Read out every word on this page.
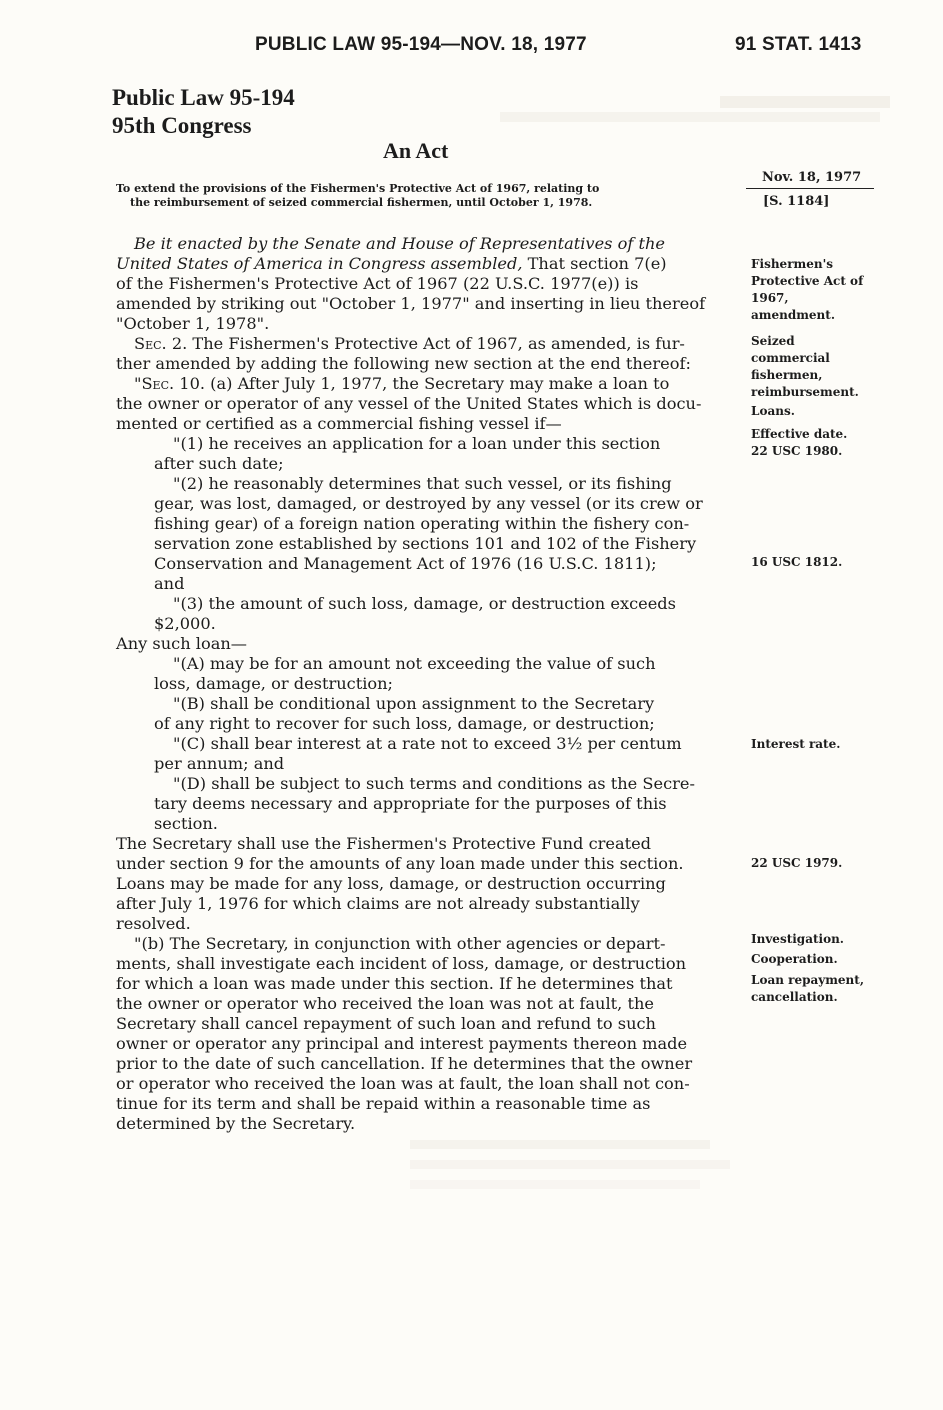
PUBLIC LAW 95-194—NOV. 18, 1977	91 STAT. 1413
Public Law 95-194
95th Congress
An Act
To extend the provisions of the Fishermen's Protective Act of 1967, relating to
the reimbursement of seized commercial fishermen, until October 1, 1978.
Nov. 18, 1977
[S. 1184]
Be it enacted by the Senate and House of Representatives of the
United States of America in Congress assembled, That section 7(e)
of the Fishermen's Protective Act of 1967 (22 U.S.C. 1977(e)) is
amended by striking out "October 1, 1977" and inserting in lieu thereof
"October 1, 1978".
Sec. 2. The Fishermen's Protective Act of 1967, as amended, is fur-
ther amended by adding the following new section at the end thereof:
"Sec. 10. (a) After July 1, 1977, the Secretary may make a loan to
the owner or operator of any vessel of the United States which is docu-
mented or certified as a commercial fishing vessel if—
"(1) he receives an application for a loan under this section
after such date;
"(2) he reasonably determines that such vessel, or its fishing
gear, was lost, damaged, or destroyed by any vessel (or its crew or
fishing gear) of a foreign nation operating within the fishery con-
servation zone established by sections 101 and 102 of the Fishery
Conservation and Management Act of 1976 (16 U.S.C. 1811);
and
"(3) the amount of such loss, damage, or destruction exceeds
$2,000.
Any such loan—
"(A) may be for an amount not exceeding the value of such
loss, damage, or destruction;
"(B) shall be conditional upon assignment to the Secretary
of any right to recover for such loss, damage, or destruction;
"(C) shall bear interest at a rate not to exceed 3½ per centum
per annum; and
"(D) shall be subject to such terms and conditions as the Secre-
tary deems necessary and appropriate for the purposes of this
section.
The Secretary shall use the Fishermen's Protective Fund created
under section 9 for the amounts of any loan made under this section.
Loans may be made for any loss, damage, or destruction occurring
after July 1, 1976 for which claims are not already substantially
resolved.
"(b) The Secretary, in conjunction with other agencies or depart-
ments, shall investigate each incident of loss, damage, or destruction
for which a loan was made under this section. If he determines that
the owner or operator who received the loan was not at fault, the
Secretary shall cancel repayment of such loan and refund to such
owner or operator any principal and interest payments thereon made
prior to the date of such cancellation. If he determines that the owner
or operator who received the loan was at fault, the loan shall not con-
tinue for its term and shall be repaid within a reasonable time as
determined by the Secretary.
Fishermen's
Protective Act of
1967,
amendment.
Seized
commercial
fishermen,
reimbursement.
Loans.
Effective date.
22 USC 1980.
16 USC 1812.
Interest rate.
22 USC 1979.
Investigation.
Cooperation.
Loan repayment,
cancellation.
